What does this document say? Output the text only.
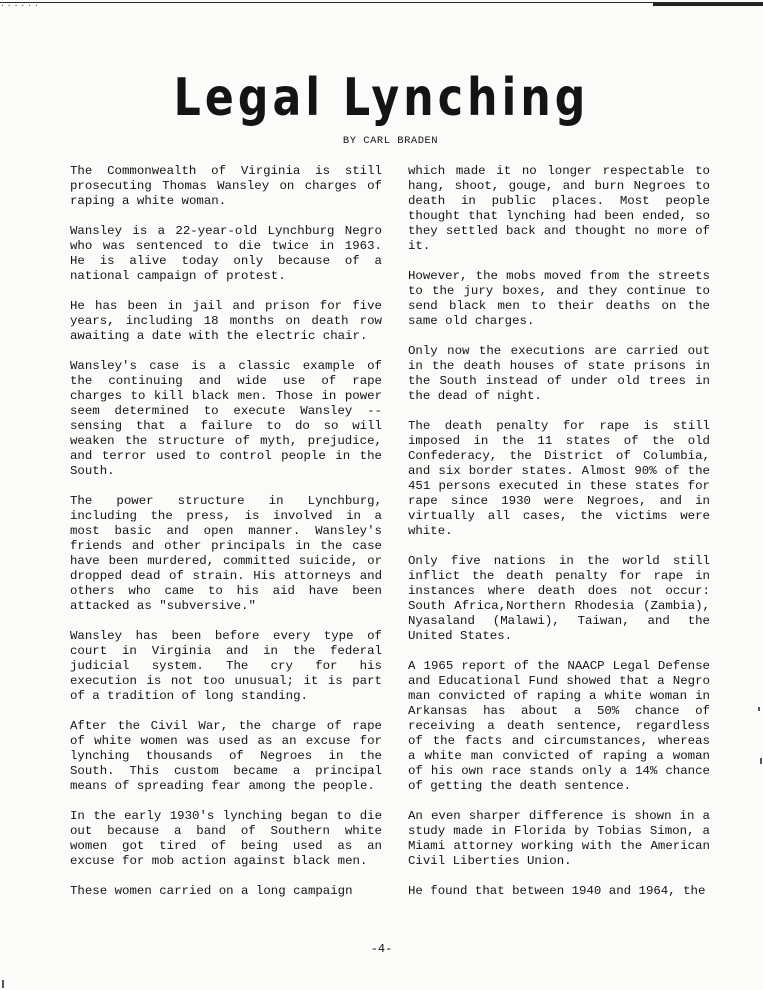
......
Legal Lynching
BY CARL BRADEN

The Commonwealth of Virginia is still prosecuting Thomas Wansley on charges of raping a white woman.

Wansley is a 22-year-old Lynchburg Negro who was sentenced to die twice in 1963. He is alive today only because of a national campaign of protest.

He has been in jail and prison for five years, including 18 months on death row awaiting a date with the electric chair.

Wansley's case is a classic example of the continuing and wide use of rape charges to kill black men. Those in power seem determined to execute Wansley --sensing that a failure to do so will weaken the structure of myth, prejudice, and terror used to control people in the South.

The power structure in Lynchburg, including the press, is involved in a most basic and open manner. Wansley's friends and other principals in the case have been murdered, committed suicide, or dropped dead of strain. His attorneys and others who came to his aid have been attacked as "subversive."

Wansley has been before every type of court in Virginia and in the federal judicial system. The cry for his execution is not too unusual; it is part of a tradition of long standing.

After the Civil War, the charge of rape of white women was used as an excuse for lynching thousands of Negroes in the South. This custom became a principal means of spreading fear among the people.

In the early 1930's lynching began to die out because a band of Southern white women got tired of being used as an excuse for mob action against black men.

These women carried on a long campaign

which made it no longer respectable to hang, shoot, gouge, and burn Negroes to death in public places. Most people thought that lynching had been ended, so they settled back and thought no more of it.

However, the mobs moved from the streets to the jury boxes, and they continue to send black men to their deaths on the same old charges.

Only now the executions are carried out in the death houses of state prisons in the South instead of under old trees in the dead of night.

The death penalty for rape is still imposed in the 11 states of the old Confederacy, the District of Columbia, and six border states. Almost 90% of the 451 persons executed in these states for rape since 1930 were Negroes, and in virtually all cases, the victims were white.

Only five nations in the world still inflict the death penalty for rape in instances where death does not occur: South Africa,Northern Rhodesia (Zambia), Nyasaland (Malawi), Taiwan, and the United States.

A 1965 report of the NAACP Legal Defense and Educational Fund showed that a Negro man convicted of raping a white woman in Arkansas has about a 50% chance of receiving a death sentence, regardless of the facts and circumstances, whereas a white man convicted of raping a woman of his own race stands only a 14% chance of getting the death sentence.

An even sharper difference is shown in a study made in Florida by Tobias Simon, a Miami attorney working with the American Civil Liberties Union.

He found that between 1940 and 1964, the

-4-
